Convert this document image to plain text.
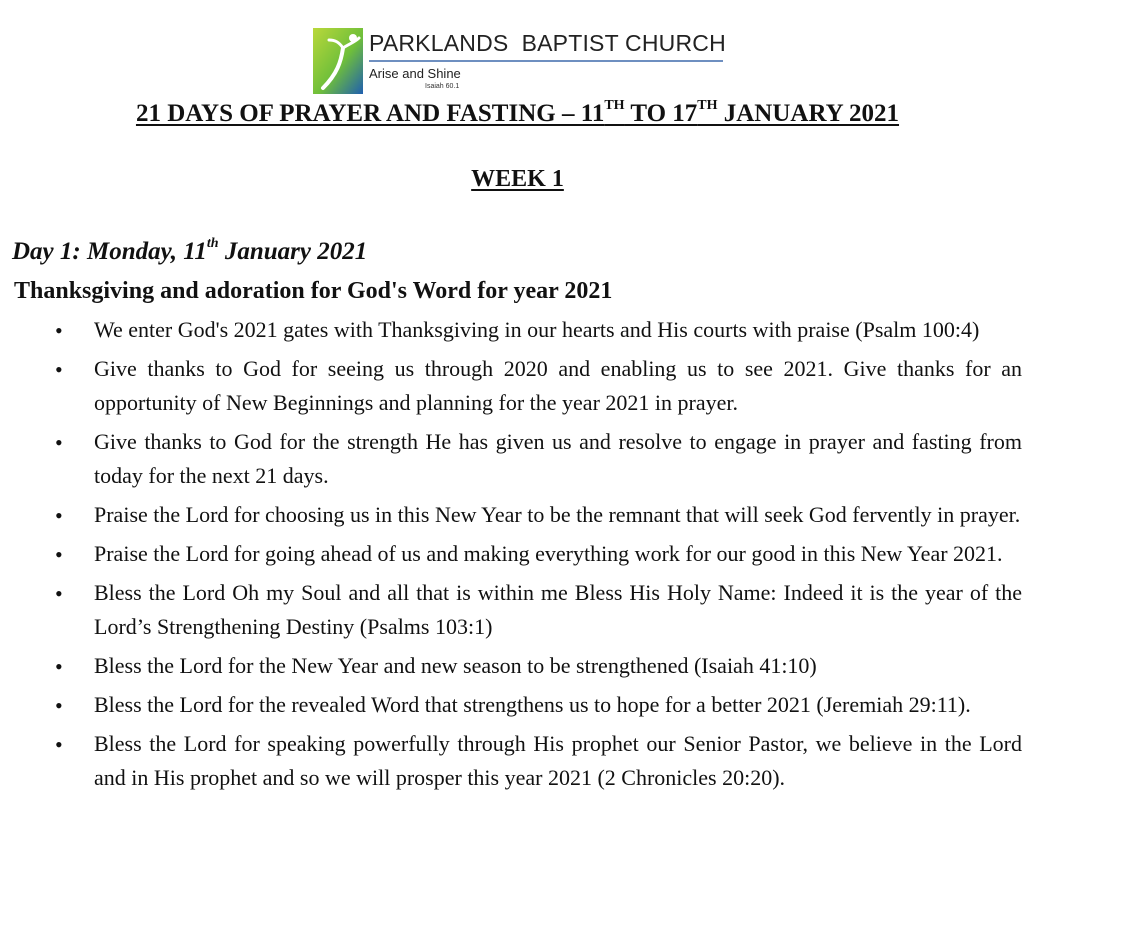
PARKLANDS  BAPTIST CHURCH
Arise and Shine
Isaiah 60.1
21 DAYS OF PRAYER AND FASTING – 11TH TO 17TH JANUARY 2021
WEEK 1
Day 1: Monday, 11th January 2021
Thanksgiving and adoration for God's Word for year 2021
• We enter God's 2021 gates with Thanksgiving in our hearts and His courts with praise (Psalm 100:4)
• Give thanks to God for seeing us through 2020 and enabling us to see 2021. Give thanks for an opportunity of New Beginnings and planning for the year 2021 in prayer.
• Give thanks to God for the strength He has given us and resolve to engage in prayer and fasting from today for the next 21 days.
• Praise the Lord for choosing us in this New Year to be the remnant that will seek God fervently in prayer.
• Praise the Lord for going ahead of us and making everything work for our good in this New Year 2021.
• Bless the Lord Oh my Soul and all that is within me Bless His Holy Name: Indeed it is the year of the Lord’s Strengthening Destiny (Psalms 103:1)
• Bless the Lord for the New Year and new season to be strengthened (Isaiah 41:10)
• Bless the Lord for the revealed Word that strengthens us to hope for a better 2021 (Jeremiah 29:11).
• Bless the Lord for speaking powerfully through His prophet our Senior Pastor, we believe in the Lord and in His prophet and so we will prosper this year 2021 (2 Chronicles 20:20).
